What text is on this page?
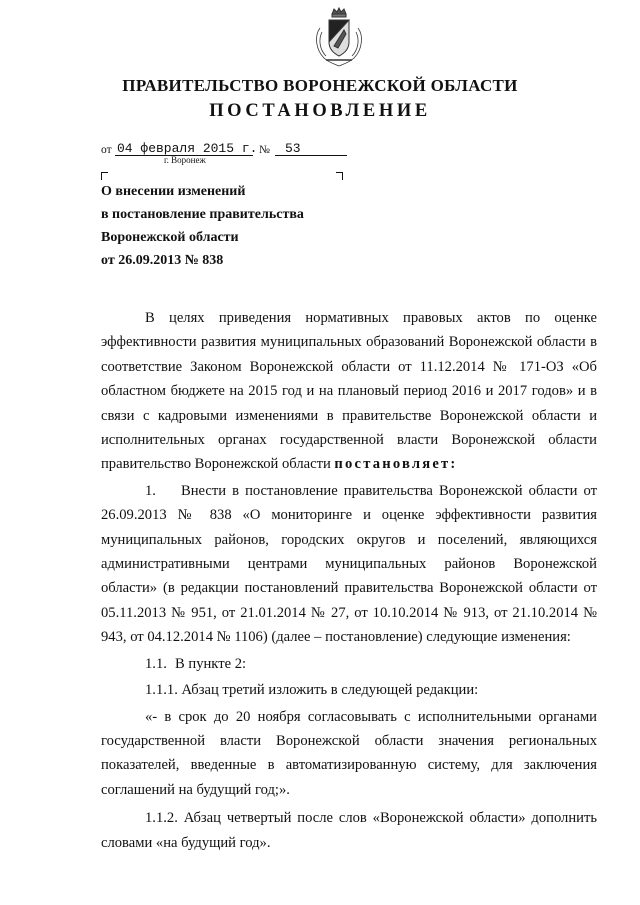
ПРАВИТЕЛЬСТВО ВОРОНЕЖСКОЙ ОБЛАСТИ
ПОСТАНОВЛЕНИЕ
от 04 февраля 2015 г. № 53
г. Воронеж
О внесении изменений
в постановление правительства
Воронежской области
от 26.09.2013 № 838

В целях приведения нормативных правовых актов по оценке эффективности развития муниципальных образований Воронежской области в соответствие Законом Воронежской области от 11.12.2014 № 171-ОЗ «Об областном бюджете на 2015 год и на плановый период 2016 и 2017 годов» и в связи с кадровыми изменениями в правительстве Воронежской области и исполнительных органах государственной власти Воронежской области правительство Воронежской области постановляет:

1. Внести в постановление правительства Воронежской области от 26.09.2013 № 838 «О мониторинге и оценке эффективности развития муниципальных районов, городских округов и поселений, являющихся административными центрами муниципальных районов Воронежской области» (в редакции постановлений правительства Воронежской области от 05.11.2013 № 951, от 21.01.2014 № 27, от 10.10.2014 № 913, от 21.10.2014 № 943, от 04.12.2014 № 1106) (далее – постановление) следующие изменения:

1.1. В пункте 2:

1.1.1. Абзац третий изложить в следующей редакции:

«- в срок до 20 ноября согласовывать с исполнительными органами государственной власти Воронежской области значения региональных показателей, введенные в автоматизированную систему, для заключения соглашений на будущий год;».

1.1.2. Абзац четвертый после слов «Воронежской области» дополнить словами «на будущий год».
